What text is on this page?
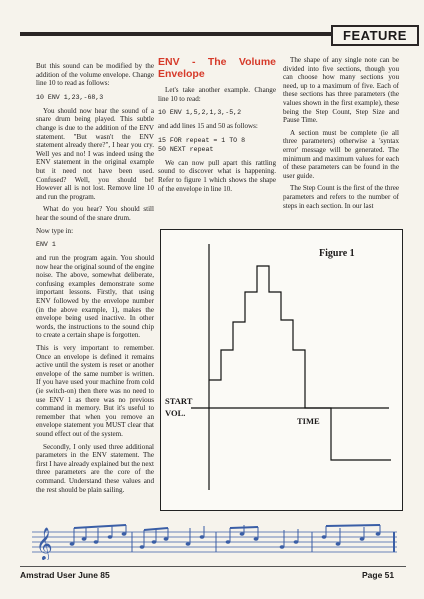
FEATURE

But this sound can be modified by the addition of the volume envelope. Change line 10 to read as follows:

10 ENV 1,23,-68,3

You should now hear the sound of a snare drum being played. This subtle change is due to the addition of the ENV statement. "But wasn't the ENV statement already there?", I hear you cry. Well yes and no! I was indeed using the ENV statement in the original example but it need not have been used. Confused? Well, you should be! However all is not lost. Remove line 10 and run the program.

What do you hear? You should still hear the sound of the snare drum.

Now type in:

ENV 1

and run the program again. You should now hear the original sound of the engine noise. The above, somewhat deliberate, confusing examples demonstrate some important lessons. Firstly, that using ENV followed by the envelope number (in the above example, 1), makes the envelope being used inactive. In other words, the instructions to the sound chip to create a certain shape is forgotten.

This is very important to remember. Once an envelope is defined it remains active until the system is reset or another envelope of the same number is written. If you have used your machine from cold (ie switch-on) then there was no need to use ENV 1 as there was no previous command in memory. But it's useful to remember that when you remove an envelope statement you MUST clear that sound effect out of the system.

Secondly, I only used three additional parameters in the ENV statement. The first I have already explained but the next three parameters are the core of the command. Understand these values and the rest should be plain sailing.

ENV - The Volume Envelope

Let's take another example. Change line 10 to read:

10 ENV 1,5,2,1,3,-5,2

and add lines 15 and 50 as follows:

15 FOR repeat = 1 TO 8
50 NEXT repeat

We can now pull apart this rattling sound to discover what is happening. Refer to figure 1 which shows the shape of the envelope in line 10.

The shape of any single note can be divided into five sections, though you can choose how many sections you need, up to a maximum of five. Each of these sections has three parameters (the values shown in the first example), these being the Step Count, Step Size and Pause Time.

A section must be complete (ie all three parameters) otherwise a 'syntax error' message will be generated. The minimum and maximum values for each of these parameters can be found in the user guide.

The Step Count is the first of the three parameters and refers to the number of steps in each section. In our last

Figure 1
START
VOL.
TIME
𝄞
Amstrad User June 85	Page 51
